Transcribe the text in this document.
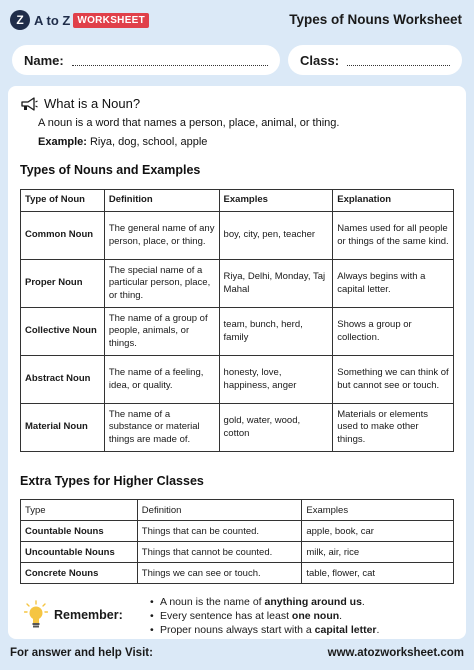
Z A to Z WORKSHEET	Types of Nouns Worksheet
Name:	Class:
What is a Noun?
A noun is a word that names a person, place, animal, or thing.
Example: Riya, dog, school, apple
Types of Nouns and Examples
Type of Noun	Definition	Examples	Explanation
Common Noun	The general name of any person, place, or thing.	boy, city, pen, teacher	Names used for all people or things of the same kind.
Proper Noun	The special name of a particular person, place, or thing.	Riya, Delhi, Monday, Taj Mahal	Always begins with a capital letter.
Collective Noun	The name of a group of people, animals, or things.	team, bunch, herd, family	Shows a group or collection.
Abstract Noun	The name of a feeling, idea, or quality.	honesty, love, happiness, anger	Something we can think of but cannot see or touch.
Material Noun	The name of a substance or material things are made of.	gold, water, wood, cotton	Materials or elements used to make other things.
Extra Types for Higher Classes
Type	Definition	Examples
Countable Nouns	Things that can be counted.	apple, book, car
Uncountable Nouns	Things that cannot be counted.	milk, air, rice
Concrete Nouns	Things we can see or touch.	table, flower, cat
Remember:
• A noun is the name of anything around us.
• Every sentence has at least one noun.
• Proper nouns always start with a capital letter.
For answer and help Visit:	www.atozworksheet.com
